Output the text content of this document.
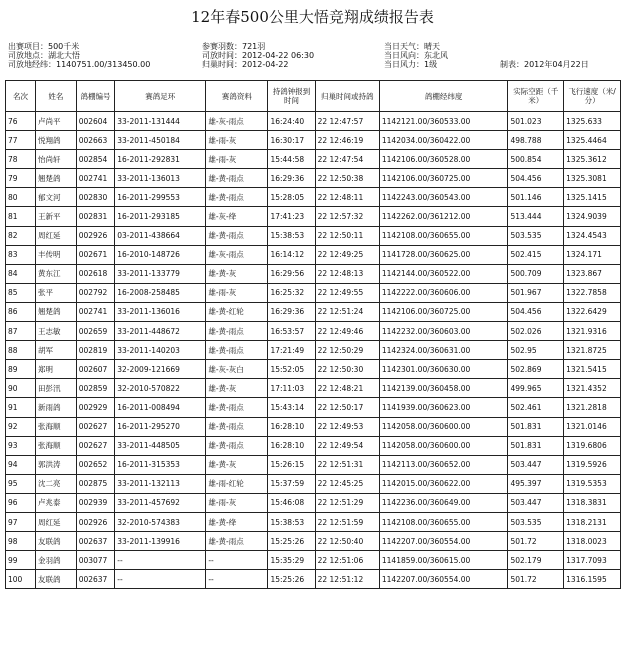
12年春500公里大悟竞翔成绩报告表
出赛项目：500千米
司放地点：湖北大悟
司放地经纬：1140751.00/313450.00
参赛羽数：721羽
司放时间：2012-04-22 06:30
归巢时间：2012-04-22
当日天气：晴天
当日风向：东北风
当日风力：1级	制表：2012年04月22日
名次	姓名	鸽棚编号	赛鸽足环	赛鸽资料	持鸽钟报到时间	归巢时间或持鸽	鸽棚经纬度	实际空距（千米）	飞行速度（米/分）
76	卢尚平	002604	33-2011-131444	雄-灰-雨点	16:24:40	22 12:47:57	1142121.00/360533.00	501.023	1325.633
77	悦翔鸽	002663	33-2011-450184	雄-雨-灰	16:30:17	22 12:46:19	1142034.00/360422.00	498.788	1325.4464
78	怡尚轩	002854	16-2011-292831	雄-雨-灰	15:44:58	22 12:47:54	1142106.00/360528.00	500.854	1325.3612
79	翘楚鸽	002741	33-2011-136013	雄-黄-雨点	16:29:36	22 12:50:38	1142106.00/360725.00	504.456	1325.3081
80	郁文河	002830	16-2011-299553	雄-黄-雨点	15:28:05	22 12:48:11	1142243.00/360543.00	501.146	1325.1415
81	王新平	002831	16-2011-293185	雄-灰-绛	17:41:23	22 12:57:32	1142262.00/361212.00	513.444	1324.9039
82	周红延	002926	03-2011-438664	雄-黄-雨点	15:38:53	22 12:50:11	1142108.00/360655.00	503.535	1324.4543
83	丰传明	002671	16-2010-148726	雄-灰-雨点	16:14:12	22 12:49:25	1141728.00/360625.00	502.415	1324.171
84	黄东江	002618	33-2011-133779	雄-黄-灰	16:29:56	22 12:48:13	1142144.00/360522.00	500.709	1323.867
85	张平	002792	16-2008-258485	雄-雨-灰	16:25:32	22 12:49:55	1142222.00/360606.00	501.967	1322.7858
86	翘楚鸽	002741	33-2011-136016	雄-黄-红轮	16:29:36	22 12:51:24	1142106.00/360725.00	504.456	1322.6429
87	王志敏	002659	33-2011-448672	雄-黄-雨点	16:53:57	22 12:49:46	1142232.00/360603.00	502.026	1321.9316
88	胡军	002819	33-2011-140203	雄-黄-雨点	17:21:49	22 12:50:29	1142324.00/360631.00	502.95	1321.8725
89	郑明	002607	32-2009-121669	雄-灰-灰白	15:52:05	22 12:50:30	1142301.00/360630.00	502.869	1321.5415
90	田彭汛	002859	32-2010-570822	雄-黄-灰	17:11:03	22 12:48:21	1142139.00/360458.00	499.965	1321.4352
91	新雨鸽	002929	16-2011-008494	雄-黄-雨点	15:43:14	22 12:50:17	1141939.00/360623.00	502.461	1321.2818
92	张海顺	002627	16-2011-295270	雄-黄-雨点	16:28:10	22 12:49:53	1142058.00/360600.00	501.831	1321.0146
93	张海顺	002627	33-2011-448505	雄-黄-雨点	16:28:10	22 12:49:54	1142058.00/360600.00	501.831	1319.6806
94	郭洪涛	002652	16-2011-315353	雄-黄-灰	15:26:15	22 12:51:31	1142113.00/360652.00	503.447	1319.5926
95	沈二亮	002875	33-2011-132113	雄-雨-红轮	15:37:59	22 12:45:25	1142015.00/360622.00	495.397	1319.5353
96	卢兆泰	002939	33-2011-457692	雄-雨-灰	15:46:08	22 12:51:29	1142236.00/360649.00	503.447	1318.3831
97	周红延	002926	32-2010-574383	雄-黄-绛	15:38:53	22 12:51:59	1142108.00/360655.00	503.535	1318.2131
98	友联鸽	002637	33-2011-139916	雄-黄-雨点	15:25:26	22 12:50:40	1142207.00/360554.00	501.72	1318.0023
99	金羽鸽	003077	--	--	15:35:29	22 12:51:06	1141859.00/360615.00	502.179	1317.7093
100	友联鸽	002637	--	--	15:25:26	22 12:51:12	1142207.00/360554.00	501.72	1316.1595
